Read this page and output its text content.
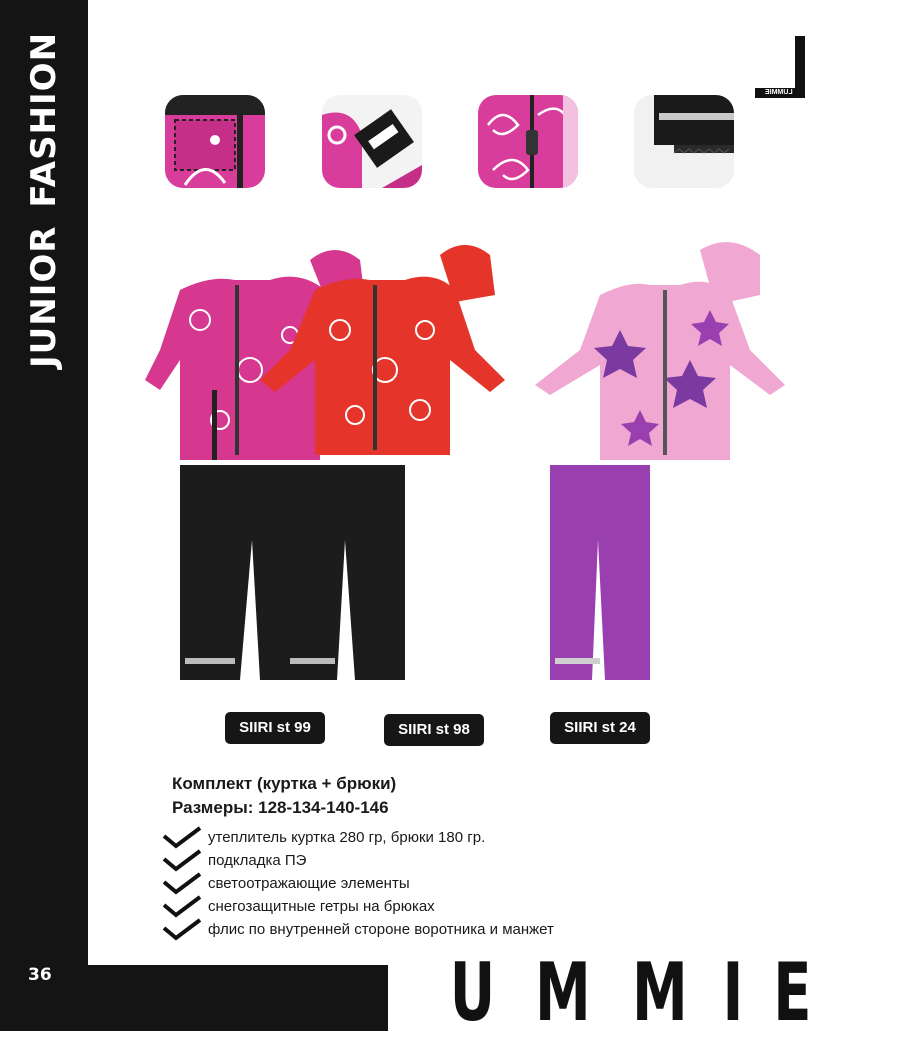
JUNIORFASHION
36
LUMMIE
SIIRI st 99	SIIRI st 98	SIIRI st 24
Комплект (куртка + брюки)
Размеры: 128-134-140-146
утеплитель куртка 280 гр, брюки 180 гр.
подкладка ПЭ
светоотражающие элементы
снегозащитные гетры на брюках
флис по внутренней стороне воротника и манжет
U M M I E
